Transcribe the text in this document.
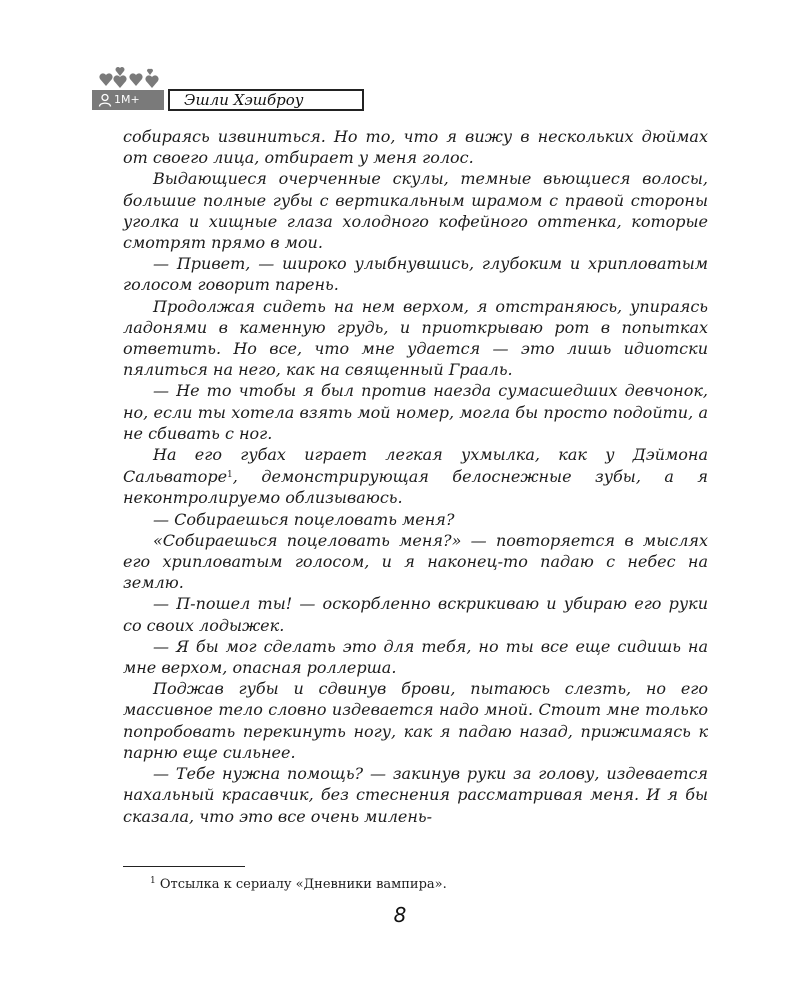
1M+	Эшли Хэшброу

собираясь извиниться. Но то, что я вижу в нескольких дюймах от своего лица, отбирает у меня голос.

Выдающиеся очерченные скулы, темные вьющиеся волосы, большие полные губы с вертикальным шрамом с правой стороны уголка и хищные глаза холодного кофейного оттенка, которые смотрят прямо в мои.

— Привет, — широко улыбнувшись, глубоким и хрипловатым голосом говорит парень.

Продолжая сидеть на нем верхом, я отстраняюсь, упираясь ладонями в каменную грудь, и приоткрываю рот в попытках ответить. Но все, что мне удается — это лишь идиотски пялиться на него, как на священный Грааль.

— Не то чтобы я был против наезда сумасшедших девчонок, но, если ты хотела взять мой номер, могла бы просто подойти, а не сбивать с ног.

На его губах играет легкая ухмылка, как у Дэймона Сальваторе$^1$, демонстрирующая белоснежные зубы, а я неконтролируемо облизываюсь.

— Собираешься поцеловать меня?

«Собираешься поцеловать меня?» — повторяется в мыслях его хрипловатым голосом, и я наконец-то падаю с небес на землю.

— П-пошел ты! — оскорбленно вскрикиваю и убираю его руки со своих лодыжек.

— Я бы мог сделать это для тебя, но ты все еще сидишь на мне верхом, опасная роллерша.

Поджав губы и сдвинув брови, пытаюсь слезть, но его массивное тело словно издевается надо мной. Стоит мне только попробовать перекинуть ногу, как я падаю назад, прижимаясь к парню еще сильнее.

— Тебе нужна помощь? — закинув руки за голову, издевается нахальный красавчик, без стеснения рассматривая меня. И я бы сказала, что это все очень милень-

$^1$ Отсылка к сериалу «Дневники вампира».
8
